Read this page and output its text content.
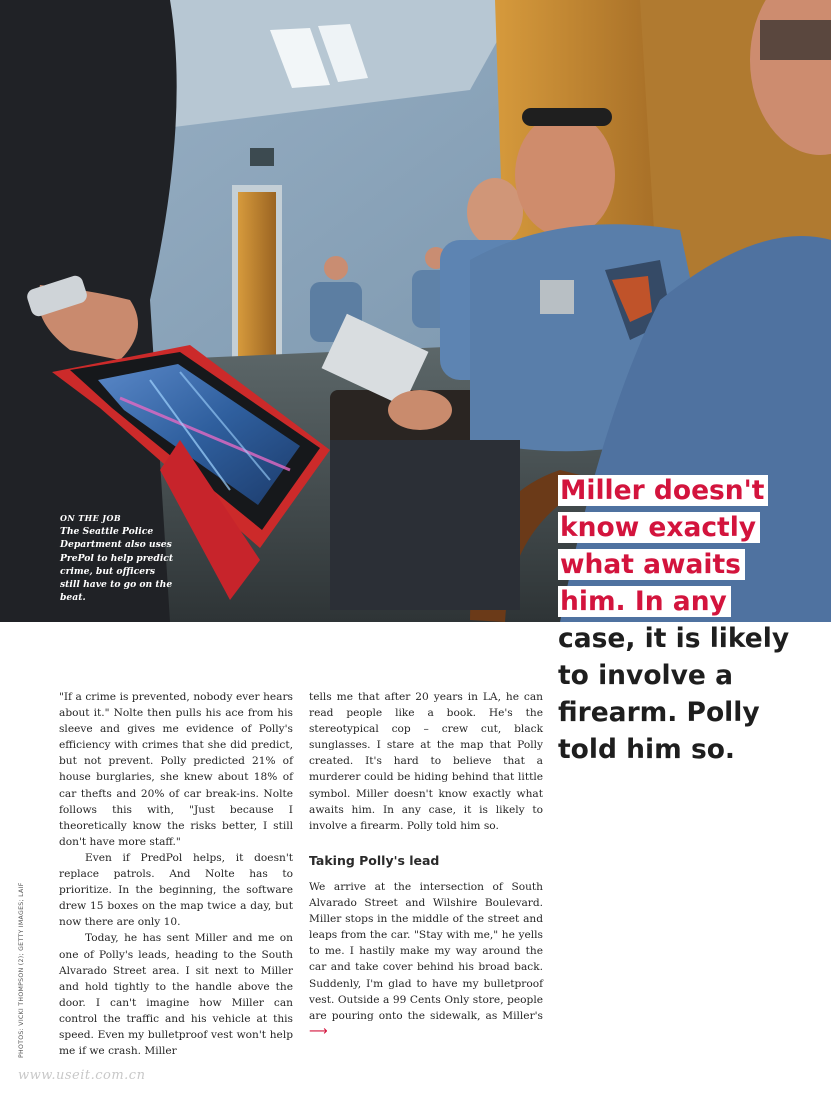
ON THE JOB
The Seattle Police Department also uses PrePol to help predict crime, but officers still have to go on the beat.
Miller doesn't
know exactly
what awaits
him. In any
case, it is likely
to involve a
firearm. Polly
told him so.

"If a crime is prevented, nobody ever hears about it." Nolte then pulls his ace from his sleeve and gives me evidence of Polly's efficiency with crimes that she did predict, but not prevent. Polly predicted 21% of house burglaries, she knew about 18% of car thefts and 20% of car break-ins. Nolte follows this with, "Just because I theoretically know the risks better, I still don't have more staff."

Even if PredPol helps, it doesn't replace patrols. And Nolte has to prioritize. In the beginning, the software drew 15 boxes on the map twice a day, but now there are only 10.

Today, he has sent Miller and me on one of Polly's leads, heading to the South Alvarado Street area. I sit next to Miller and hold tightly to the handle above the door. I can't imagine how Miller can control the traffic and his vehicle at this speed. Even my bulletproof vest won't help me if we crash. Miller

tells me that after 20 years in LA, he can read people like a book. He's the stereotypical cop – crew cut, black sunglasses. I stare at the map that Polly created. It's hard to believe that a murderer could be hiding behind that little symbol. Miller doesn't know exactly what awaits him. In any case, it is likely to involve a firearm. Polly told him so.

Taking Polly's lead

We arrive at the intersection of South Alvarado Street and Wilshire Boulevard. Miller stops in the middle of the street and leaps from the car. "Stay with me," he yells to me. I hastily make my way around the car and take cover behind his broad back. Suddenly, I'm glad to have my bulletproof vest. Outside a 99 Cents Only store, people are pouring onto the sidewalk, as Miller's ⟶

PHOTOS: VICKI THOMPSON (2); GETTY IMAGES; LAIF
www.useit.com.cn
